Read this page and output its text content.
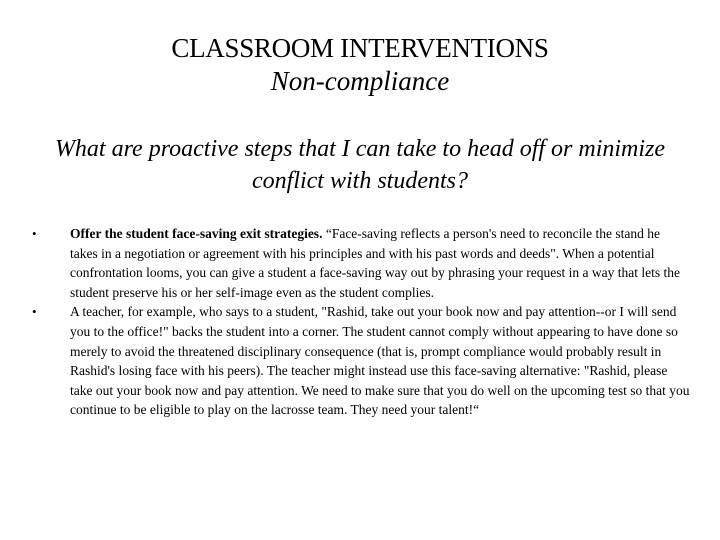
CLASSROOM INTERVENTIONS
Non-compliance
What are proactive steps that I can take to head off or minimize conflict with students?
• Offer the student face-saving exit strategies. “Face-saving reflects a person's need to reconcile the stand he takes in a negotiation or agreement with his principles and with his past words and deeds". When a potential confrontation looms, you can give a student a face-saving way out by phrasing your request in a way that lets the student preserve his or her self-image even as the student complies.
• A teacher, for example, who says to a student, "Rashid, take out your book now and pay attention--or I will send you to the office!" backs the student into a corner. The student cannot comply without appearing to have done so merely to avoid the threatened disciplinary consequence (that is, prompt compliance would probably result in Rashid's losing face with his peers). The teacher might instead use this face-saving alternative: "Rashid, please take out your book now and pay attention. We need to make sure that you do well on the upcoming test so that you continue to be eligible to play on the lacrosse team. They need your talent!“
